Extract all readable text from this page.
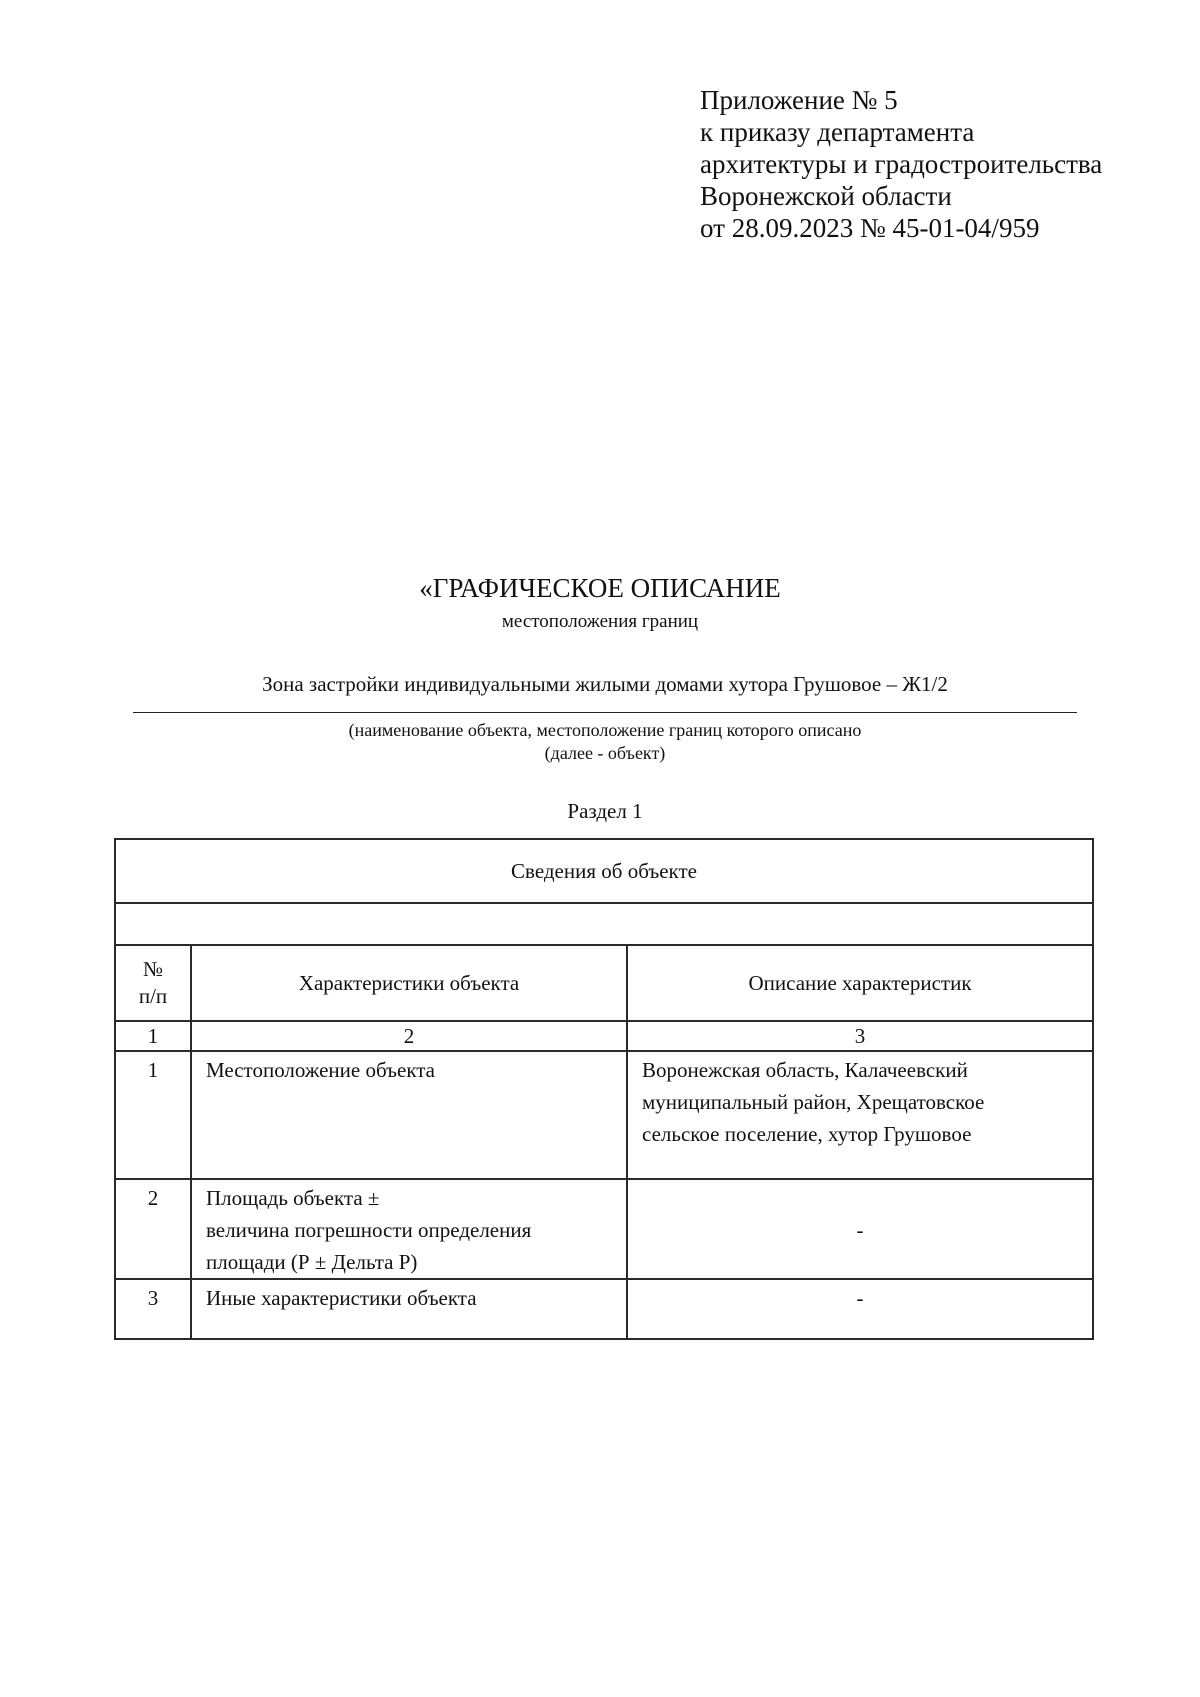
Приложение № 5
к приказу департамента
архитектуры и градостроительства
Воронежской области
от 28.09.2023 № 45-01-04/959
«ГРАФИЧЕСКОЕ ОПИСАНИЕ
местоположения границ
Зона застройки индивидуальными жилыми домами хутора Грушовое – Ж1/2
(наименование объекта, местоположение границ которого описано
(далее - объект)
Раздел 1
Сведения об объекте		

№
п/п	Характеристики объекта	Описание характеристик
1	2	3
1	Местоположение объекта	Воронежская область, Калачеевский
муниципальный район, Хрещатовское
сельское поселение, хутор Грушовое

2	Площадь объекта ±
величина погрешности определения
площади (Р ± Дельта Р)	-

3	Иные характеристики объекта	-
